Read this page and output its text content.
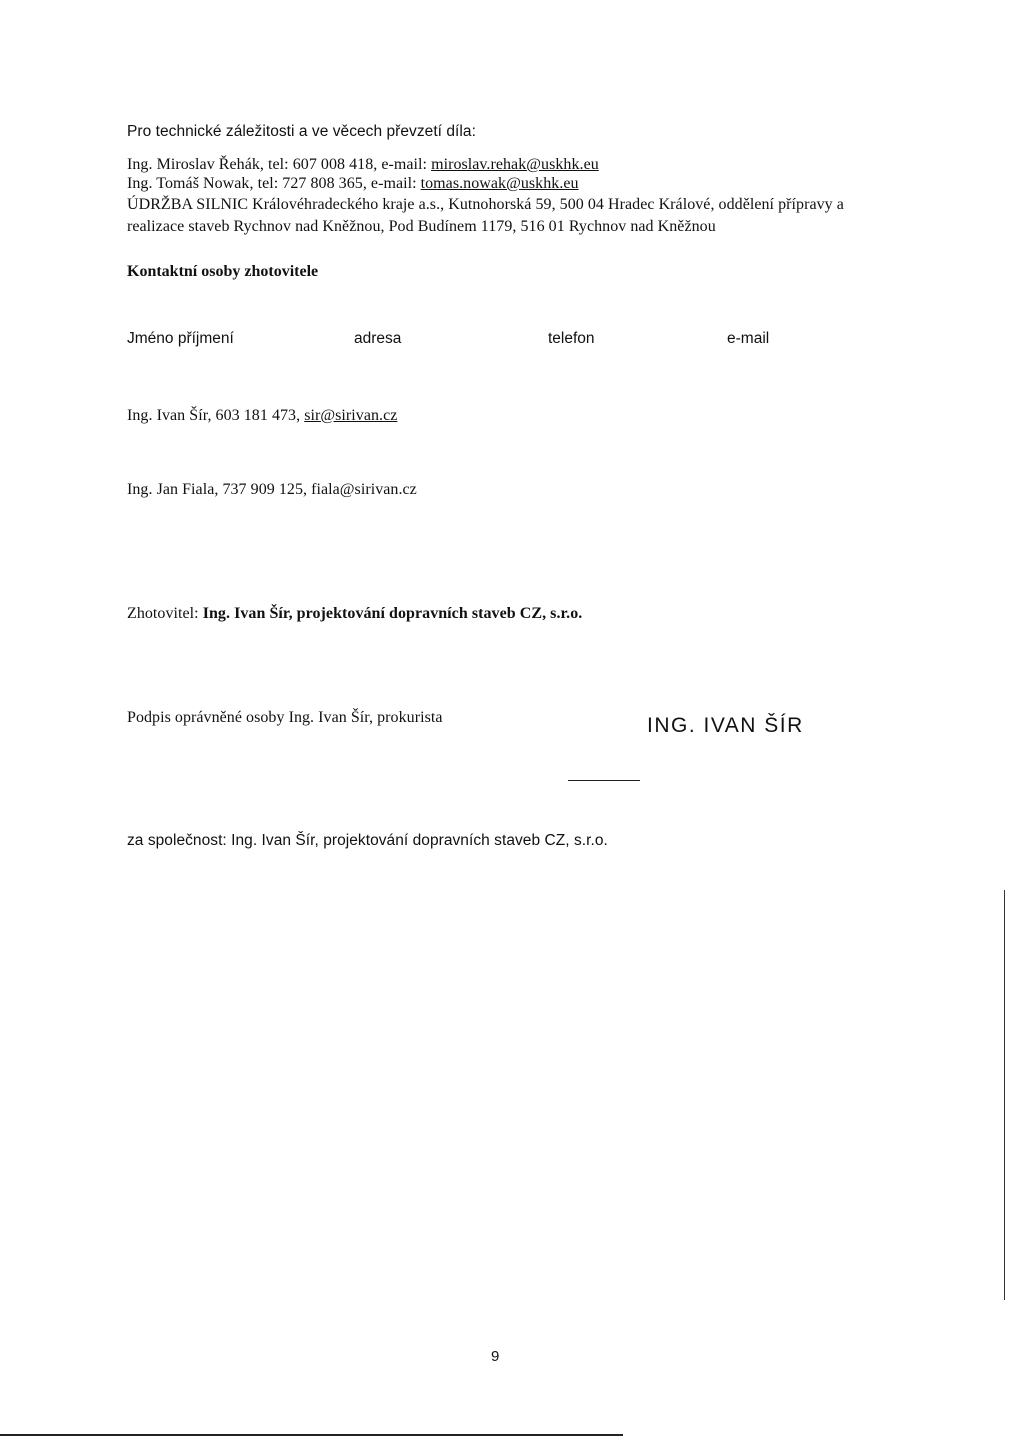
Pro technické záležitosti a ve věcech převzetí díla:
Ing. Miroslav Řehák, tel: 607 008 418, e-mail: miroslav.rehak@uskhk.eu
Ing. Tomáš Nowak, tel: 727 808 365, e-mail: tomas.nowak@uskhk.eu
ÚDRŽBA SILNIC Královéhradeckého kraje a.s., Kutnohorská 59, 500 04 Hradec Králové, oddělení přípravy a
realizace staveb Rychnov nad Kněžnou, Pod Budínem 1179, 516 01 Rychnov nad Kněžnou
Kontaktní osoby zhotovitele
Jméno příjmení	adresa	telefon	e-mail
Ing. Ivan Šír, 603 181 473, sir@sirivan.cz
Ing. Jan Fiala, 737 909 125, fiala@sirivan.cz
Zhotovitel: Ing. Ivan Šír, projektování dopravních staveb CZ, s.r.o.
Podpis oprávněné osoby Ing. Ivan Šír, prokurista	ING. IVAN ŠÍR
za společnost: Ing. Ivan Šír, projektování dopravních staveb CZ, s.r.o.
9
